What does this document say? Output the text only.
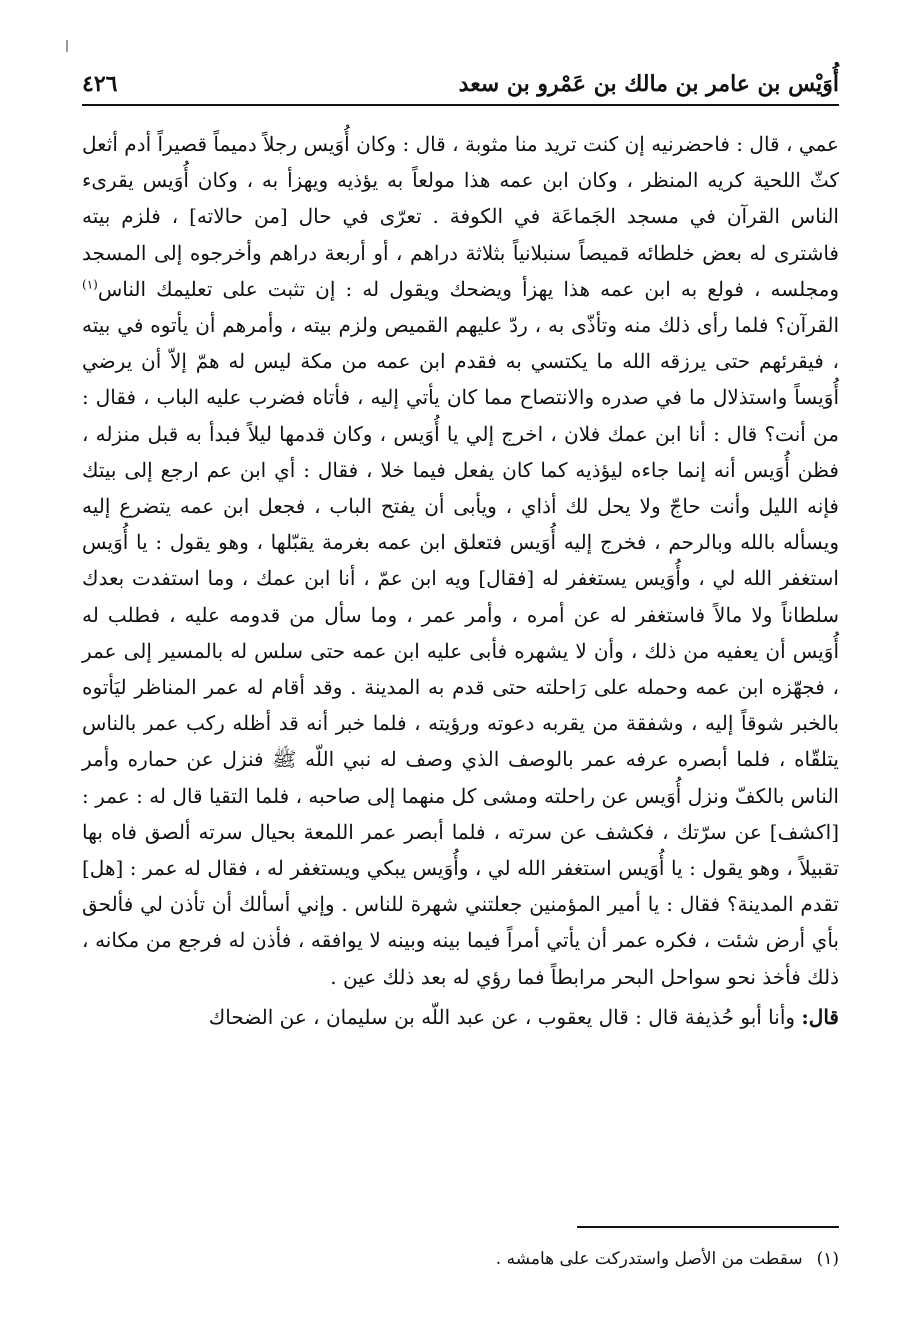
أُوَيْس بن عامر بن مالك بن عَمْرو بن سعد
٤٢٦

عمي ، قال : فاحضرنيه إن كنت تريد منا مثوبة ، قال : وكان أُوَيس رجلاً دميماً قصيراً أدم أثعل كثّ اللحية كريه المنظر ، وكان ابن عمه هذا مولعاً به يؤذيه ويهزأ به ، وكان أُوَيس يقرىء الناس القرآن في مسجد الجَماعَة في الكوفة . تعرّى في حال [من حالاته] ، فلزم بيته فاشترى له بعض خلطائه قميصاً سنبلانياً بثلاثة دراهم ، أو أربعة دراهم وأخرجوه إلى المسجد ومجلسه ، فولع به ابن عمه هذا يهزأ ويضحك ويقول له : إن تثبت على تعليمك الناس$^{(١)}$ القرآن؟ فلما رأى ذلك منه وتأذّى به ، ردّ عليهم القميص ولزم بيته ، وأمرهم أن يأتوه في بيته ، فيقرئهم حتى يرزقه الله ما يكتسي به فقدم ابن عمه من مكة ليس له همّ إلاّ أن يرضي أُوَيساً واستذلال ما في صدره والانتصاح مما كان يأتي إليه ، فأتاه فضرب عليه الباب ، فقال : من أنت؟ قال : أنا ابن عمك فلان ، اخرج إلي يا أُوَيس ، وكان قدمها ليلاً فبدأ به قبل منزله ، فظن أُوَيس أنه إنما جاءه ليؤذيه كما كان يفعل فيما خلا ، فقال : أي ابن عم ارجع إلى بيتك فإنه الليل وأنت حاجّ ولا يحل لك أذاي ، ويأبى أن يفتح الباب ، فجعل ابن عمه يتضرع إليه ويسأله بالله وبالرحم ، فخرج إليه أُوَيس فتعلق ابن عمه بغرمة يقبّلها ، وهو يقول : يا أُوَيس استغفر الله لي ، وأُوَيس يستغفر له [فقال] ويه ابن عمّ ، أنا ابن عمك ، وما استفدت بعدك سلطاناً ولا مالاً فاستغفر له عن أمره ، وأمر عمر ، وما سأل من قدومه عليه ، فطلب له أُوَيس أن يعفيه من ذلك ، وأن لا يشهره فأبى عليه ابن عمه حتى سلس له بالمسير إلى عمر ، فجهّزه ابن عمه وحمله على رَاحلته حتى قدم به المدينة . وقد أقام له عمر المناظر ليَأتوه بالخبر شوقاً إليه ، وشفقة من يقربه دعوته ورؤيته ، فلما خبر أنه قد أظله ركب عمر بالناس يتلقّاه ، فلما أبصره عرفه عمر بالوصف الذي وصف له نبي اللّه ﷺ فنزل عن حماره وأمر الناس بالكفّ ونزل أُوَيس عن راحلته ومشى كل منهما إلى صاحبه ، فلما التقيا قال له : عمر : [اكشف] عن سرّتك ، فكشف عن سرته ، فلما أبصر عمر اللمعة بحيال سرته ألصق فاه بها تقبيلاً ، وهو يقول : يا أُوَيس استغفر الله لي ، وأُوَيس يبكي ويستغفر له ، فقال له عمر : [هل] تقدم المدينة؟ فقال : يا أمير المؤمنين جعلتني شهرة للناس . وإني أسألك أن تأذن لي فألحق بأي أرض شئت ، فكره عمر أن يأتي أمراً فيما بينه وبينه لا يوافقه ، فأذن له فرجع من مكانه ، ذلك فأخذ نحو سواحل البحر مرابطاً فما رؤي له بعد ذلك عين .

قال: وأنا أبو حُذيفة قال : قال يعقوب ، عن عبد اللّه بن سليمان ، عن الضحاك

(١)سقطت من الأصل واستدركت على هامشه .
